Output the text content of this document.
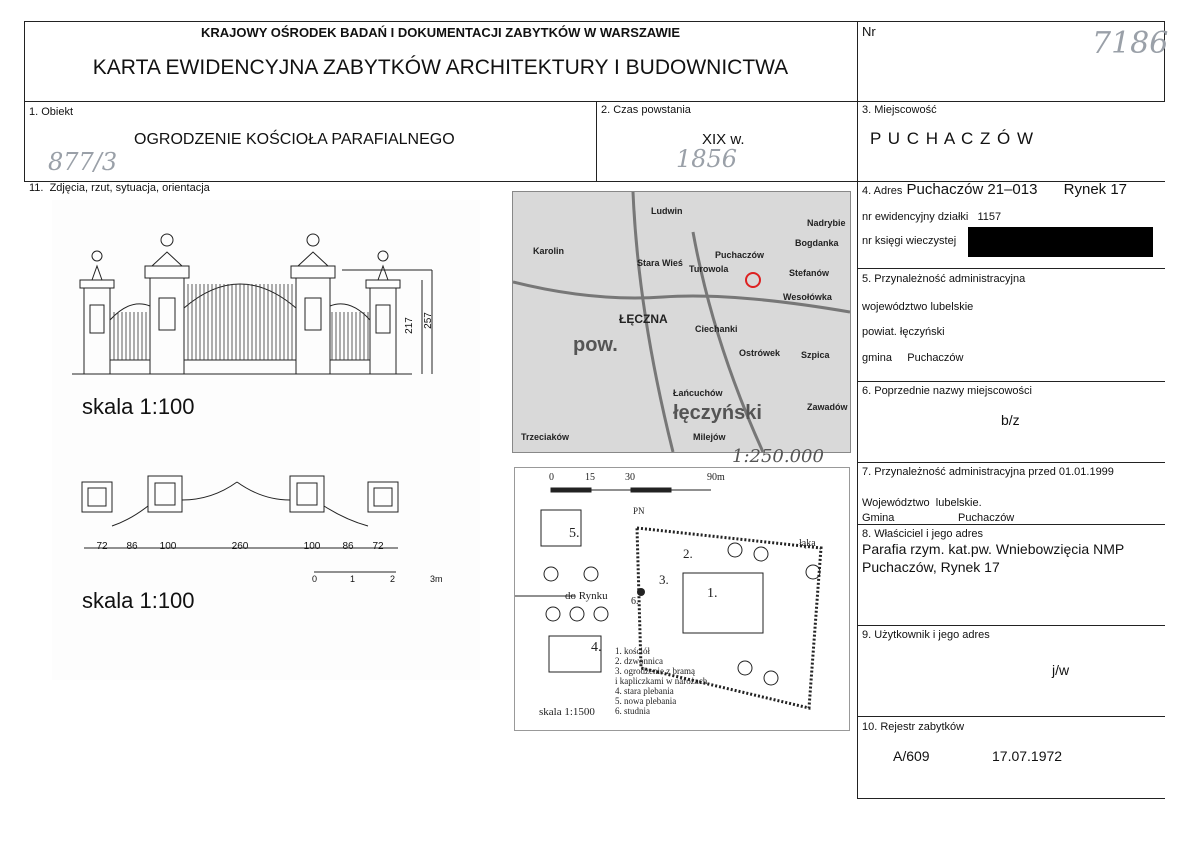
KRAJOWY OŚRODEK BADAŃ I DOKUMENTACJI ZABYTKÓW W WARSZAWIE
KARTA EWIDENCYJNA ZABYTKÓW ARCHITEKTURY I BUDOWNICTWA
Nr	7186
1. Obiekt
OGRODZENIE KOŚCIOŁA PARAFIALNEGO
877/3
2. Czas powstania
XIX w.
1856
3. Miejscowość
P U C H A C Z Ó W
4. Adres Puchaczów 21–013 Rynek 17
nr ewidencyjny działki 1157
nr księgi wieczystej
5. Przynależność administracyjna
województwo lubelskie
powiat. łęczyński
gmina     Puchaczów
6. Poprzednie nazwy miejscowości
b/z
7. Przynależność administracyjna przed 01.01.1999
Województwo  lubelskie.
Gmina	Puchaczów
8. Właściciel i jego adres
Parafia rzym. kat.pw. Wniebowzięcia NMP
Puchaczów, Rynek 17
9. Użytkownik i jego adres
j/w
10. Rejestr zabytków
A/609	17.07.1972
11.  Zdjęcia, rzut, sytuacja, orientacja
217 257
skala 1:100
skala 1:100
72	86	100	260	100	86	72
0	1	2	3m
Ludwin
Puchaczów
Turowola
Stara Wieś
ŁĘCZNA
Ciechanki
Ostrówek Szpica
Zawadów
Milejów
Łańcuchów
łęczyński
Stefanów
Wesołówka
Nadrybie
Bogdanka
Trzeciaków
Karolin
pow.
1:250.000
0	15	30	90m
PN
łąka
do Rynku	1.
2.
3.
4.
5.
6.
1. kościół
2. dzwonnica
3. ogrodzenie z bramą
i kapliczkami w narożach
4. stara plebania
5. nowa plebania
6. studnia
skala 1:1500
